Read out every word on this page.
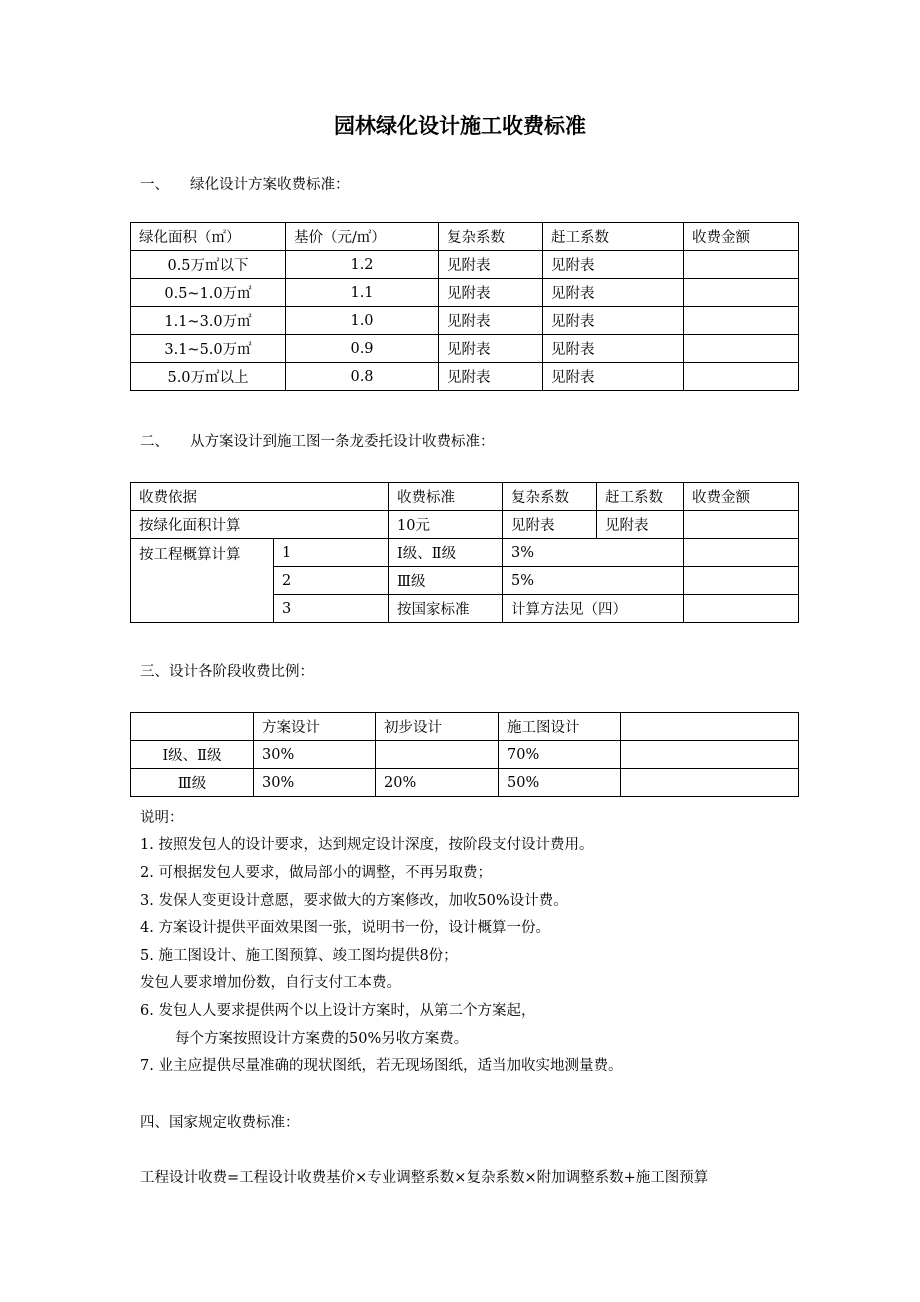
园林绿化设计施工收费标准
一、 绿化设计方案收费标准：
绿化面积（㎡）	基价（元/㎡）	复杂系数	赶工系数	收费金额
0.5万㎡以下	1.2	见附表	见附表	
0.5~1.0万㎡	1.1	见附表	见附表	
1.1~3.0万㎡	1.0	见附表	见附表	
3.1~5.0万㎡	0.9	见附表	见附表	
5.0万㎡以上	0.8	见附表	见附表	
二、 从方案设计到施工图一条龙委托设计收费标准：
收费依据		收费标准	复杂系数	赶工系数	收费金额
按绿化面积计算		10元	见附表	见附表	
按工程概算计算	1	Ⅰ级、Ⅱ级	3%		
	2	Ⅲ级	5%		
	3	按国家标准	计算方法见（四）		
三、设计各阶段收费比例：
	方案设计	初步设计	施工图设计	
Ⅰ级、Ⅱ级	30%		70%	
Ⅲ级	30%	20%	50%	
说明：
1. 按照发包人的设计要求，达到规定设计深度，按阶段支付设计费用。
2. 可根据发包人要求，做局部小的调整，不再另取费；
3. 发保人变更设计意愿，要求做大的方案修改，加收50%设计费。
4. 方案设计提供平面效果图一张，说明书一份，设计概算一份。
5. 施工图设计、施工图预算、竣工图均提供8份；
发包人要求增加份数，自行支付工本费。
6. 发包人人要求提供两个以上设计方案时，从第二个方案起，
每个方案按照设计方案费的50%另收方案费。
7. 业主应提供尽量准确的现状图纸，若无现场图纸，适当加收实地测量费。
四、国家规定收费标准：
工程设计收费=工程设计收费基价×专业调整系数×复杂系数×附加调整系数+施工图预算
